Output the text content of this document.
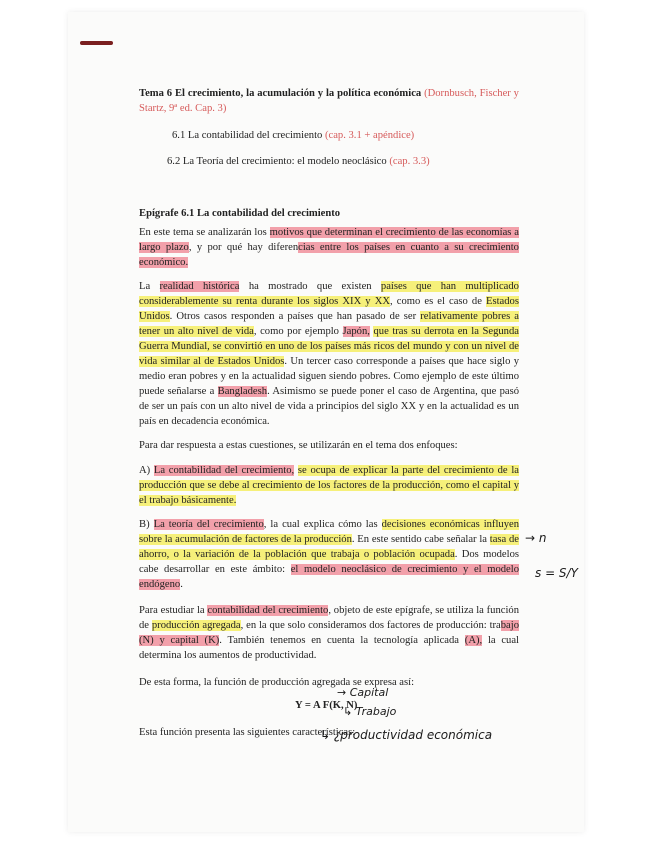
Tema 6 El crecimiento, la acumulación y la política económica (Dornbusch, Fischer y Startz, 9ª ed. Cap. 3)
6.1 La contabilidad del crecimiento (cap. 3.1 + apéndice)
6.2 La Teoría del crecimiento: el modelo neoclásico (cap. 3.3)
Epígrafe 6.1 La contabilidad del crecimiento
En este tema se analizarán los motivos que determinan el crecimiento de las economías a largo plazo, y por qué hay diferencias entre los países en cuanto a su crecimiento económico.
La realidad histórica ha mostrado que existen países que han multiplicado considerablemente su renta durante los siglos XIX y XX, como es el caso de Estados Unidos. Otros casos responden a países que han pasado de ser relativamente pobres a tener un alto nivel de vida, como por ejemplo Japón, que tras su derrota en la Segunda Guerra Mundial, se convirtió en uno de los países más ricos del mundo y con un nivel de vida similar al de Estados Unidos. Un tercer caso corresponde a países que hace siglo y medio eran pobres y en la actualidad siguen siendo pobres. Como ejemplo de este último puede señalarse a Bangladesh. Asimismo se puede poner el caso de Argentina, que pasó de ser un país con un alto nivel de vida a principios del siglo XX y en la actualidad es un país en decadencia económica.
Para dar respuesta a estas cuestiones, se utilizarán en el tema dos enfoques:
A) La contabilidad del crecimiento, se ocupa de explicar la parte del crecimiento de la producción que se debe al crecimiento de los factores de la producción, como el capital y el trabajo básicamente.
B) La teoría del crecimiento, la cual explica cómo las decisiones económicas influyen sobre la acumulación de factores de la producción. En este sentido cabe señalar la tasa de ahorro, o la variación de la población que trabaja o población ocupada. Dos modelos cabe desarrollar en este ámbito: el modelo neoclásico de crecimiento y el modelo endógeno.
Para estudiar la contabilidad del crecimiento, objeto de este epígrafe, se utiliza la función de producción agregada, en la que solo consideramos dos factores de producción: trabajo (N) y capital (K). También tenemos en cuenta la tecnología aplicada (A), la cual determina los aumentos de productividad.
De esta forma, la función de producción agregada se expresa así:
Y = A F(K, N)
Esta función presenta las siguientes características:
→ Capital
↳ Trabajo
↳ ¿productividad económica
→ n
s = S/Y
